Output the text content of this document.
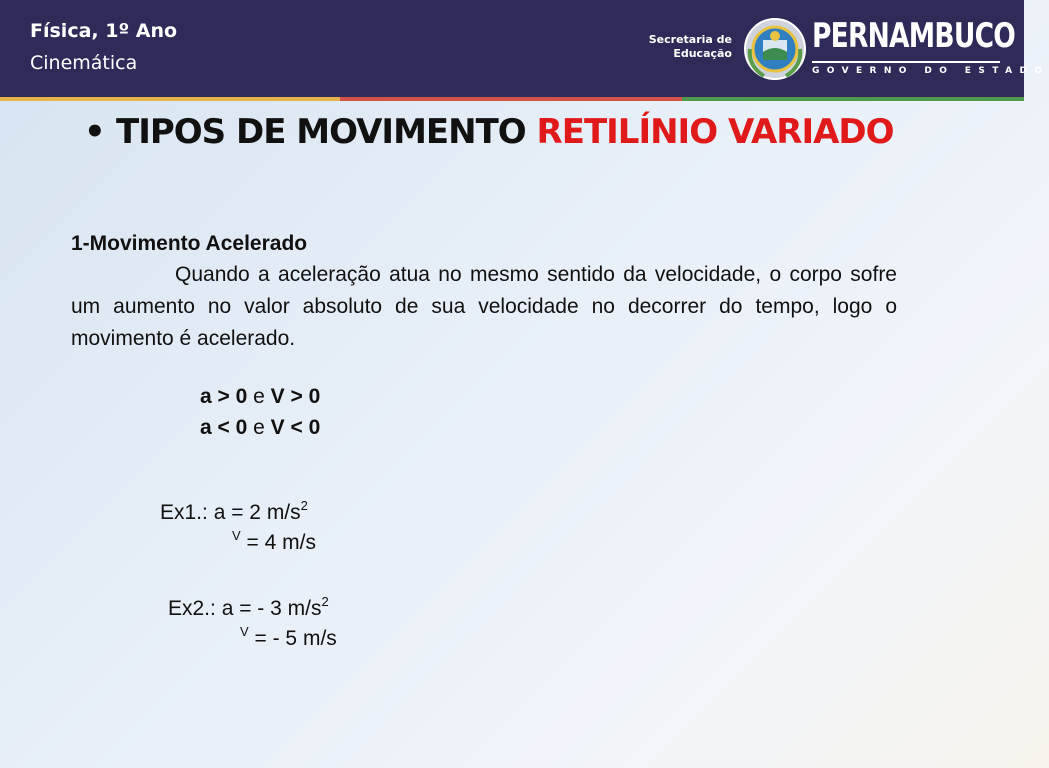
Física, 1º Ano
Cinemática
Secretaria de
Educação PERNAMBUCO
GOVERNO DO ESTADO
• TIPOS DE MOVIMENTO RETILÍNIO VARIADO
1-Movimento Acelerado
Quando a aceleração atua no mesmo sentido da velocidade, o corpo sofre um aumento no valor absoluto de sua velocidade no decorrer do tempo, logo o movimento é acelerado.
a > 0 e V > 0
a < 0 e V < 0
Ex1.: a = 2 $m/s^2$
$^V$ = 4 m/s
Ex2.: a = - 3 $m/s^2$
$^V$ = - 5 m/s
